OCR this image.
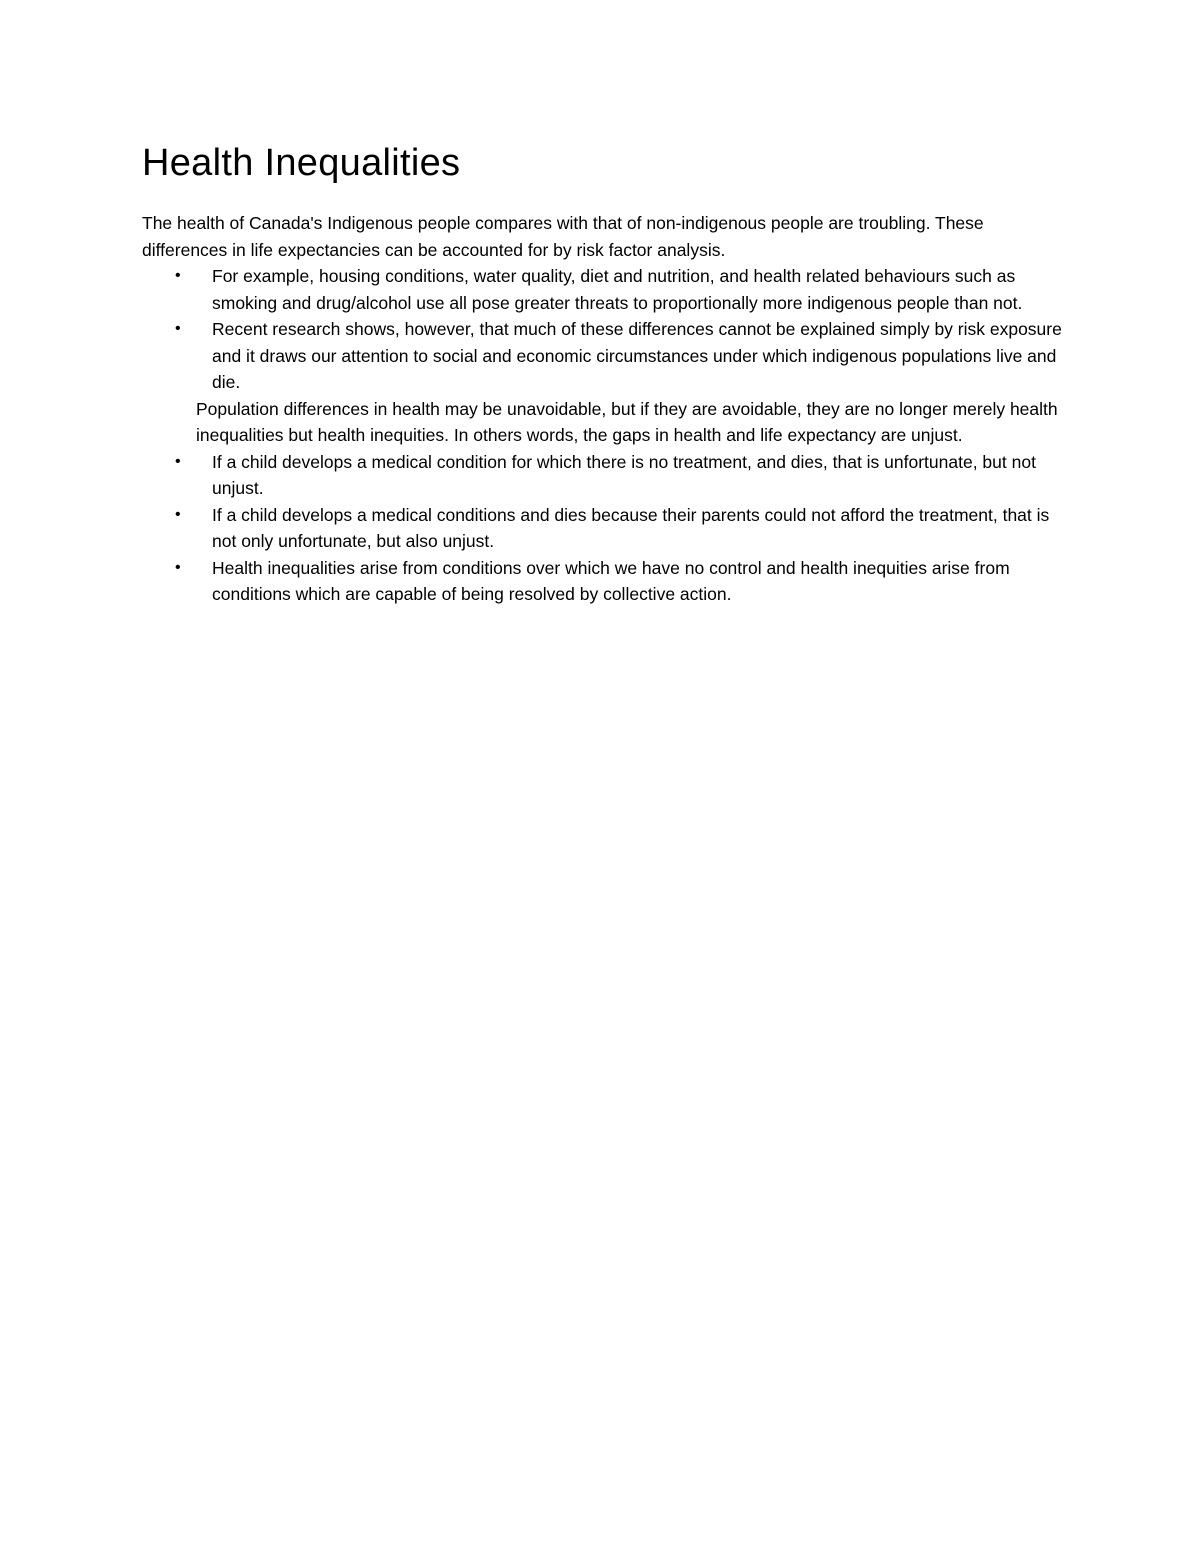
Health Inequalities

The health of Canada's Indigenous people compares with that of non-indigenous people are troubling. These differences in life expectancies can be accounted for by risk factor analysis.

• For example, housing conditions, water quality, diet and nutrition, and health related behaviours such as smoking and drug/alcohol use all pose greater threats to proportionally more indigenous people than not.
• Recent research shows, however, that much of these differences cannot be explained simply by risk exposure and it draws our attention to social and economic circumstances under which indigenous populations live and die.

Population differences in health may be unavoidable, but if they are avoidable, they are no longer merely health inequalities but health inequities. In others words, the gaps in health and life expectancy are unjust.

• If a child develops a medical condition for which there is no treatment, and dies, that is unfortunate, but not unjust.
• If a child develops a medical conditions and dies because their parents could not afford the treatment, that is not only unfortunate, but also unjust.
• Health inequalities arise from conditions over which we have no control and health inequities arise from conditions which are capable of being resolved by collective action.
